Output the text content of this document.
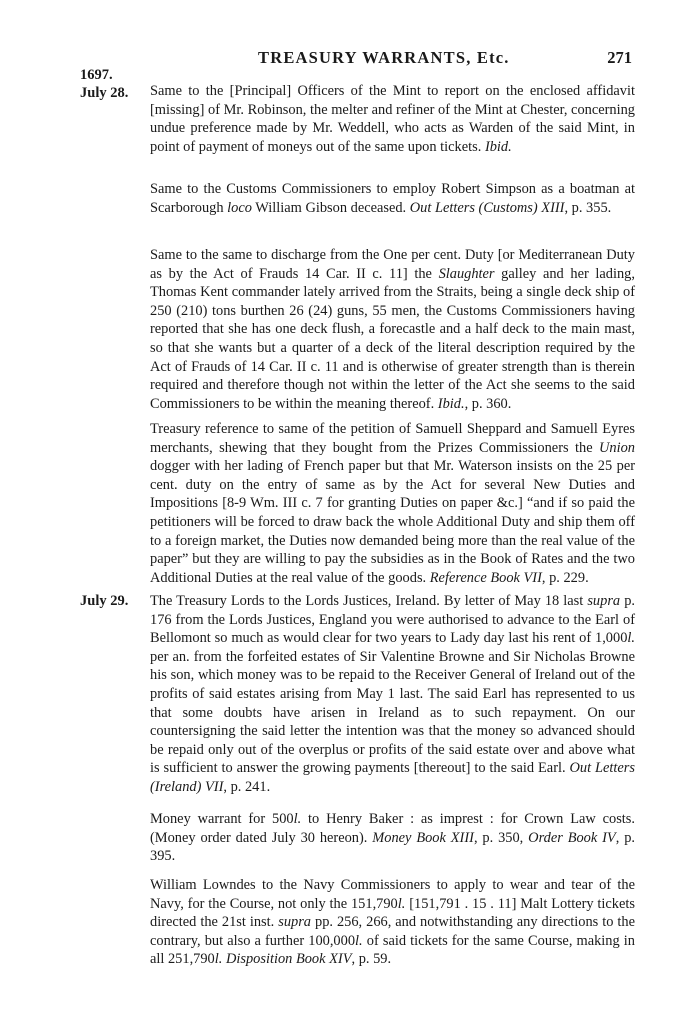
TREASURY WARRANTS, Etc.	271
1697.
July 28.
July 29.

Same to the [Principal] Officers of the Mint to report on the enclosed affidavit [missing] of Mr. Robinson, the melter and refiner of the Mint at Chester, concerning undue preference made by Mr. Weddell, who acts as Warden of the said Mint, in point of payment of moneys out of the same upon tickets. Ibid.

Same to the Customs Commissioners to employ Robert Simpson as a boatman at Scarborough loco William Gibson deceased. Out Letters (Customs) XIII, p. 355.

Same to the same to discharge from the One per cent. Duty [or Mediterranean Duty as by the Act of Frauds 14 Car. II c. 11] the Slaughter galley and her lading, Thomas Kent commander lately arrived from the Straits, being a single deck ship of 250 (210) tons burthen 26 (24) guns, 55 men, the Customs Commissioners having reported that she has one deck flush, a forecastle and a half deck to the main mast, so that she wants but a quarter of a deck of the literal description required by the Act of Frauds of 14 Car. II c. 11 and is otherwise of greater strength than is therein required and therefore though not within the letter of the Act she seems to the said Commissioners to be within the meaning thereof. Ibid., p. 360.

Treasury reference to same of the petition of Samuell Sheppard and Samuell Eyres merchants, shewing that they bought from the Prizes Commissioners the Union dogger with her lading of French paper but that Mr. Waterson insists on the 25 per cent. duty on the entry of same as by the Act for several New Duties and Impositions [8-9 Wm. III c. 7 for granting Duties on paper &c.] “and if so paid the petitioners will be forced to draw back the whole Additional Duty and ship them off to a foreign market, the Duties now demanded being more than the real value of the paper” but they are willing to pay the subsidies as in the Book of Rates and the two Additional Duties at the real value of the goods. Reference Book VII, p. 229.

The Treasury Lords to the Lords Justices, Ireland. By letter of May 18 last supra p. 176 from the Lords Justices, England you were authorised to advance to the Earl of Bellomont so much as would clear for two years to Lady day last his rent of 1,000l. per an. from the forfeited estates of Sir Valentine Browne and Sir Nicholas Browne his son, which money was to be repaid to the Receiver General of Ireland out of the profits of said estates arising from May 1 last. The said Earl has represented to us that some doubts have arisen in Ireland as to such repayment. On our countersigning the said letter the intention was that the money so advanced should be repaid only out of the overplus or profits of the said estate over and above what is sufficient to answer the growing payments [thereout] to the said Earl. Out Letters (Ireland) VII, p. 241.

Money warrant for 500l. to Henry Baker : as imprest : for Crown Law costs. (Money order dated July 30 hereon). Money Book XIII, p. 350, Order Book IV, p. 395.

William Lowndes to the Navy Commissioners to apply to wear and tear of the Navy, for the Course, not only the 151,790l. [151,791 . 15 . 11] Malt Lottery tickets directed the 21st inst. supra pp. 256, 266, and notwithstanding any directions to the contrary, but also a further 100,000l. of said tickets for the same Course, making in all 251,790l. Disposition Book XIV, p. 59.
